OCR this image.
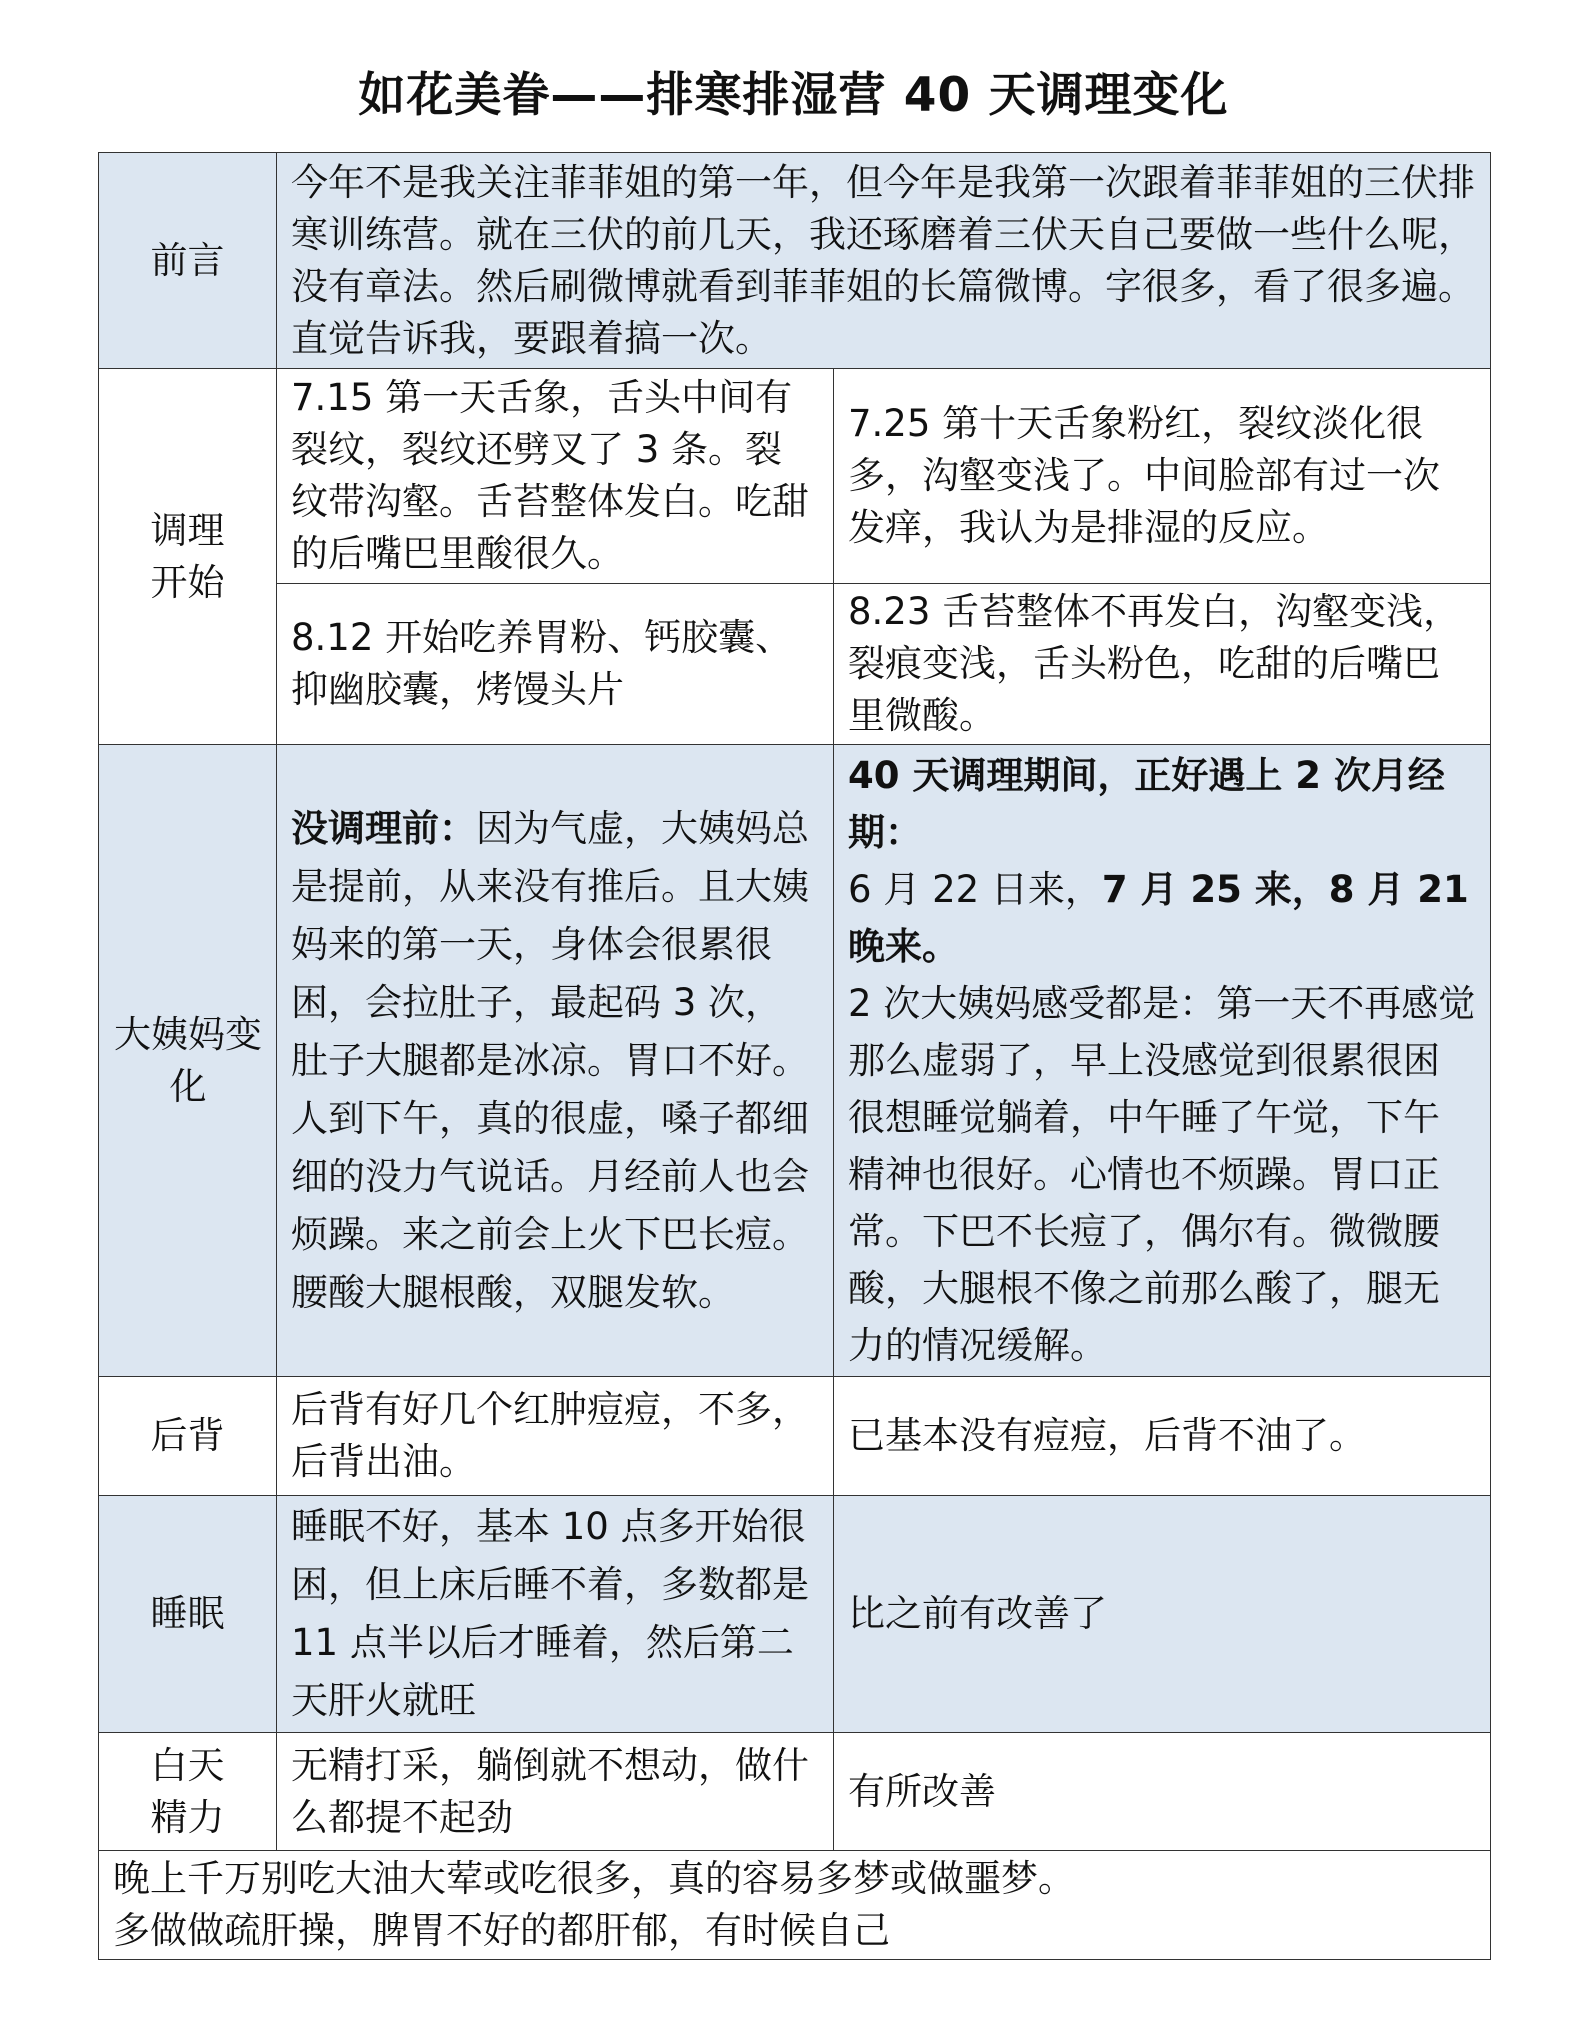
如花美眷——排寒排湿营 40 天调理变化
前言	今年不是我关注菲菲姐的第一年，但今年是我第一次跟着菲菲姐的三伏排寒训练营。就在三伏的前几天，我还琢磨着三伏天自己要做一些什么呢，没有章法。然后刷微博就看到菲菲姐的长篇微博。字很多，看了很多遍。直觉告诉我，要跟着搞一次。	
调理开始	7.15 第一天舌象，舌头中间有裂纹，裂纹还劈叉了 3 条。裂纹带沟壑。舌苔整体发白。吃甜的后嘴巴里酸很久。	7.25 第十天舌象粉红，裂纹淡化很多，沟壑变浅了。中间脸部有过一次发痒，我认为是排湿的反应。
	8.12 开始吃养胃粉、钙胶囊、抑幽胶囊，烤馒头片	8.23 舌苔整体不再发白，沟壑变浅，裂痕变浅，舌头粉色，吃甜的后嘴巴里微酸。
大姨妈变化	没调理前：因为气虚，大姨妈总是提前，从来没有推后。且大姨妈来的第一天，身体会很累很困，会拉肚子，最起码 3 次，肚子大腿都是冰凉。胃口不好。人到下午，真的很虚，嗓子都细细的没力气说话。月经前人也会烦躁。来之前会上火下巴长痘。腰酸大腿根酸，双腿发软。	40 天调理期间，正好遇上 2 次月经期：
6 月 22 日来，7 月 25 来，8 月 21 晚来。
2 次大姨妈感受都是：第一天不再感觉那么虚弱了，早上没感觉到很累很困很想睡觉躺着，中午睡了午觉，下午精神也很好。心情也不烦躁。胃口正常。下巴不长痘了，偶尔有。微微腰酸，大腿根不像之前那么酸了，腿无力的情况缓解。

后背	后背有好几个红肿痘痘，不多，后背出油。	已基本没有痘痘，后背不油了。
睡眠	睡眠不好，基本 10 点多开始很困，但上床后睡不着，多数都是 11 点半以后才睡着，然后第二天肝火就旺	比之前有改善了
白天精力	无精打采，躺倒就不想动，做什么都提不起劲	有所改善

晚上千万别吃大油大荤或吃很多，真的容易多梦或做噩梦。
多做做疏肝操，脾胃不好的都肝郁，有时候自己		
